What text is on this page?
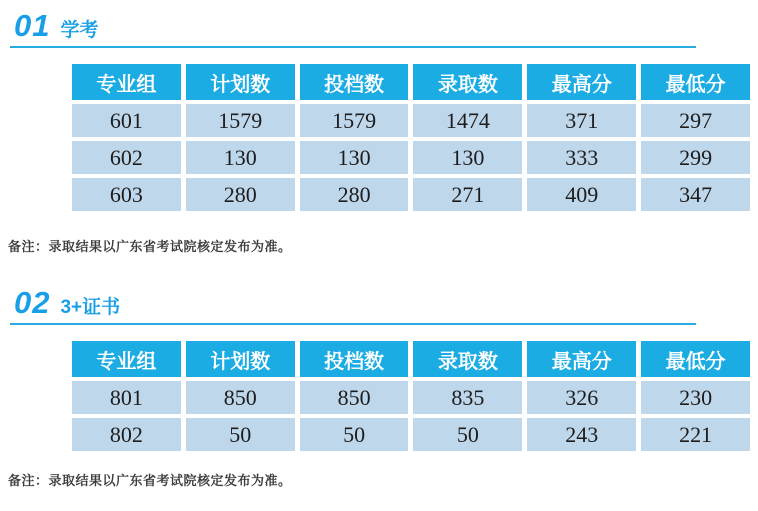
01 学考
专业组	计划数	投档数	录取数	最高分	最低分
601	1579	1579	1474	371	297
602	130	130	130	333	299
603	280	280	271	409	347
备注：录取结果以广东省考试院核定发布为准。
02 3+证书
专业组	计划数	投档数	录取数	最高分	最低分
801	850	850	835	326	230
802	50	50	50	243	221
备注：录取结果以广东省考试院核定发布为准。
